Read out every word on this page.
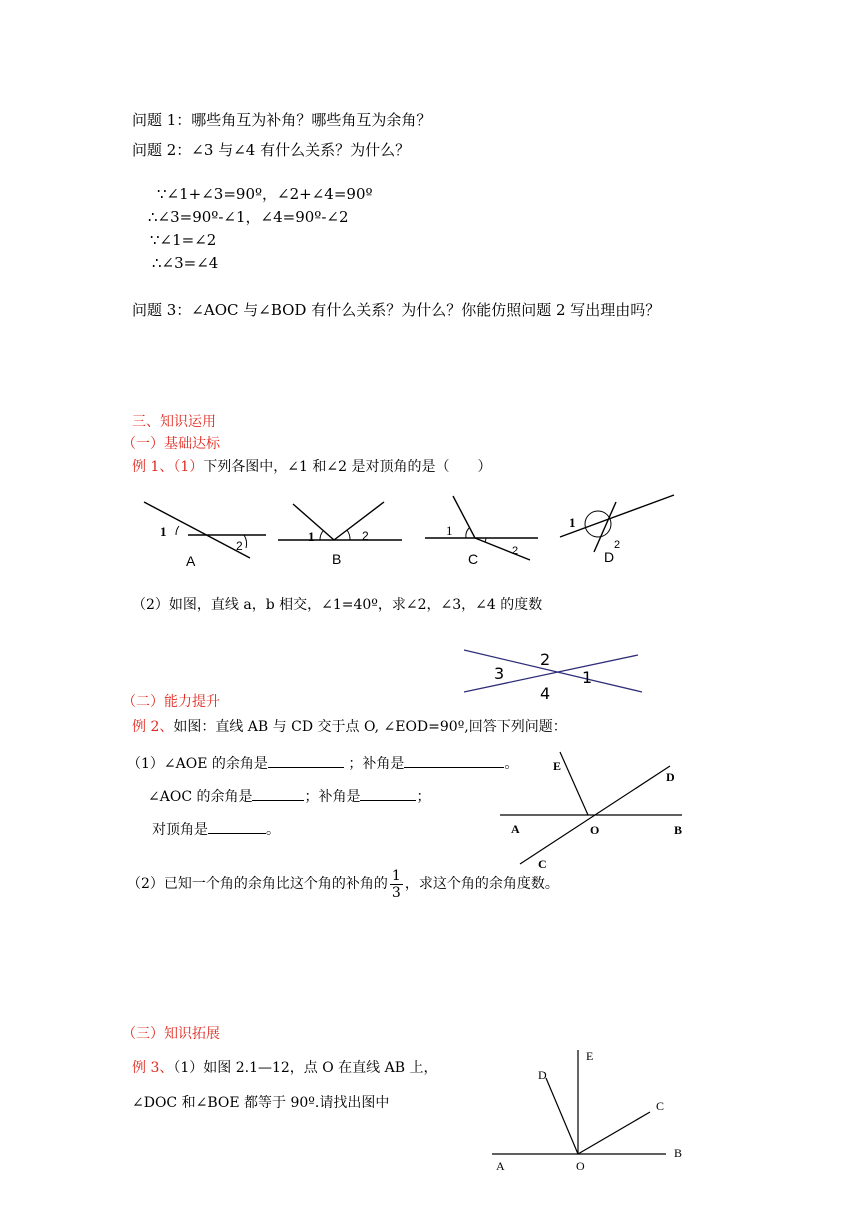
问题 1：哪些角互为补角？哪些角互为余角？
问题 2：∠3 与∠4 有什么关系？为什么？
∵∠1+∠3=90º，∠2+∠4=90º
∴∠3=90º-∠1，∠4=90º-∠2
∵∠1=∠2
∴∠3=∠4
问题 3：∠AOC 与∠BOD 有什么关系？为什么？你能仿照问题 2 写出理由吗？
三、知识运用
（一）基础达标
例 1、（1）下列各图中，∠1 和∠2 是对顶角的是（　　）
1
2
A
1	2
B
1
2
C
1
2
D
（2）如图，直线 a，b 相交，∠1=40º，求∠2，∠3，∠4 的度数
2
3	1
4
（二）能力提升
例 2、如图：直线 AB 与 CD 交于点 O, ∠EOD=90º,回答下列问题：
（1）∠AOE 的余角是	；补角是	。
∠AOC 的余角是	；补角是	；
对顶角是	。
E
D
A	O	B
C
（2）已知一个角的余角比这个角的补角的 $\frac{1}{3}$ ，求这个角的余角度数。
（三）知识拓展
例 3、（1）如图 2.1—12，点 O 在直线 AB 上，
∠DOC 和∠BOE 都等于 90º.请找出图中
D
E
C
A	O
B
